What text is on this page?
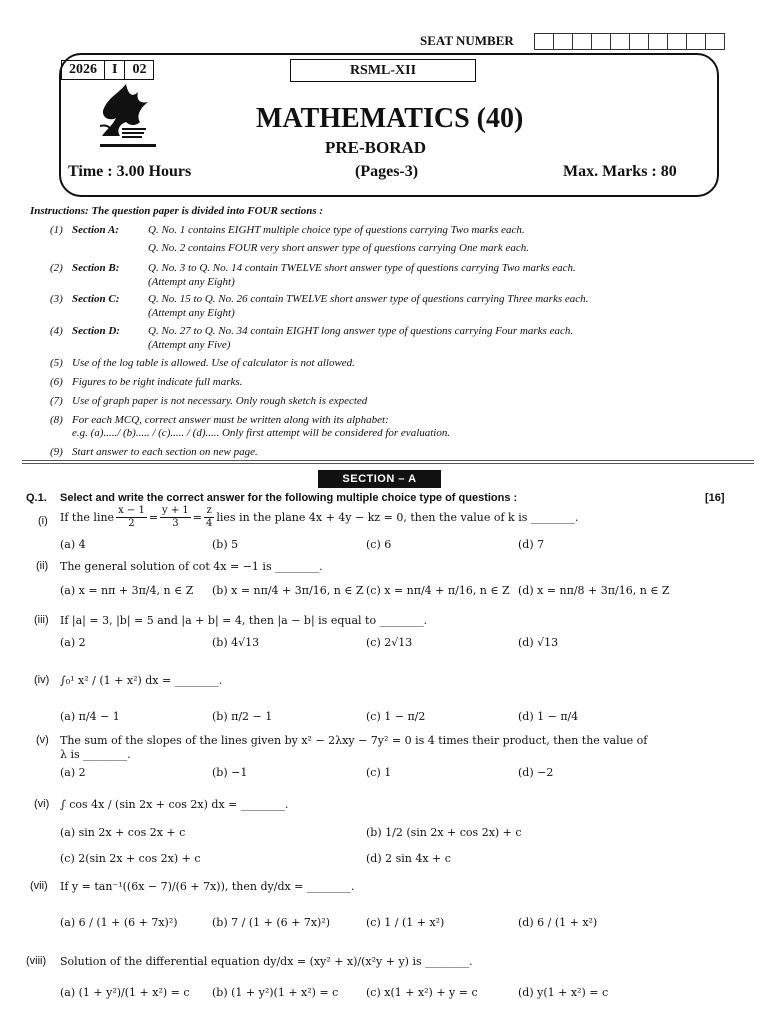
SEAT NUMBER
2026	I	02	RSML-XII
MATHEMATICS (40)
PRE-BORAD
Time : 3.00 Hours	(Pages-3)	Max. Marks : 80
Instructions: The question paper is divided into FOUR sections :
(1) Section A:	Q. No. 1 contains EIGHT multiple choice type of questions carrying Two marks each.
Q. No. 2 contains FOUR very short answer type of questions carrying One mark each.
(2) Section B:	Q. No. 3 to Q. No. 14 contain TWELVE short answer type of questions carrying Two marks each.
(Attempt any Eight)
(3) Section C:	Q. No. 15 to Q. No. 26 contain TWELVE short answer type of questions carrying Three marks each.
(Attempt any Eight)
(4) Section D:	Q. No. 27 to Q. No. 34 contain EIGHT long answer type of questions carrying Four marks each.
(Attempt any Five)
(5) Use of the log table is allowed. Use of calculator is not allowed.
(6) Figures to be right indicate full marks.
(7) Use of graph paper is not necessary. Only rough sketch is expected
(8) For each MCQ, correct answer must be written along with its alphabet:
e.g. (a)...../ (b)..... / (c)..... / (d)..... Only first attempt will be considered for evaluation.
(9) Start answer to each section on new page.
SECTION – A
Q.1. Select and write the correct answer for the following multiple choice type of questions :	[16]
(i) If the line $\frac{x - 1}{2} = \frac{y + 1}{3} = \frac{z}{4}$ lies in the plane 4x + 4y − kz = 0, then the value of k is ________.
(a) 4	(b) 5	(c) 6	(d) 7
(ii) The general solution of cot 4x = −1 is ________.
(a) x = nπ + 3π/4, n ∈ Z (b) x = nπ/4 + 3π/16, n ∈ Z (c) x = nπ/4 + π/16, n ∈ Z (d) x = nπ/8 + 3π/16, n ∈ Z
(iii) If |a| = 3, |b| = 5 and |a + b| = 4, then |a − b| is equal to ________.
(a) 2	(b) 4√13	(c) 2√13	(d) √13
(iv) ∫₀¹ x² / (1 + x²) dx = ________.
(a) π/4 − 1	(b) π/2 − 1	(c) 1 − π/2	(d) 1 − π/4
(v) The sum of the slopes of the lines given by x² − 2λxy − 7y² = 0 is 4 times their product, then the value of
λ is ________.
(a) 2	(b) −1	(c) 1	(d) −2
(vi) ∫ cos 4x / (sin 2x + cos 2x) dx = ________.
(a) sin 2x + cos 2x + c	(b) 1/2 (sin 2x + cos 2x) + c
(c) 2(sin 2x + cos 2x) + c	(d) 2 sin 4x + c
(vii) If y = tan⁻¹((6x − 7)/(6 + 7x)), then dy/dx = ________.
(a) 6 / (1 + (6 + 7x)²)	(b) 7 / (1 + (6 + 7x)²)	(c) 1 / (1 + x²)	(d) 6 / (1 + x²)
(viii) Solution of the differential equation dy/dx = (xy² + x)/(x²y + y) is ________.
(a) (1 + y²)/(1 + x²) = c (b) (1 + y²)(1 + x²) = c	(c) x(1 + x²) + y = c	(d) y(1 + x²) = c
